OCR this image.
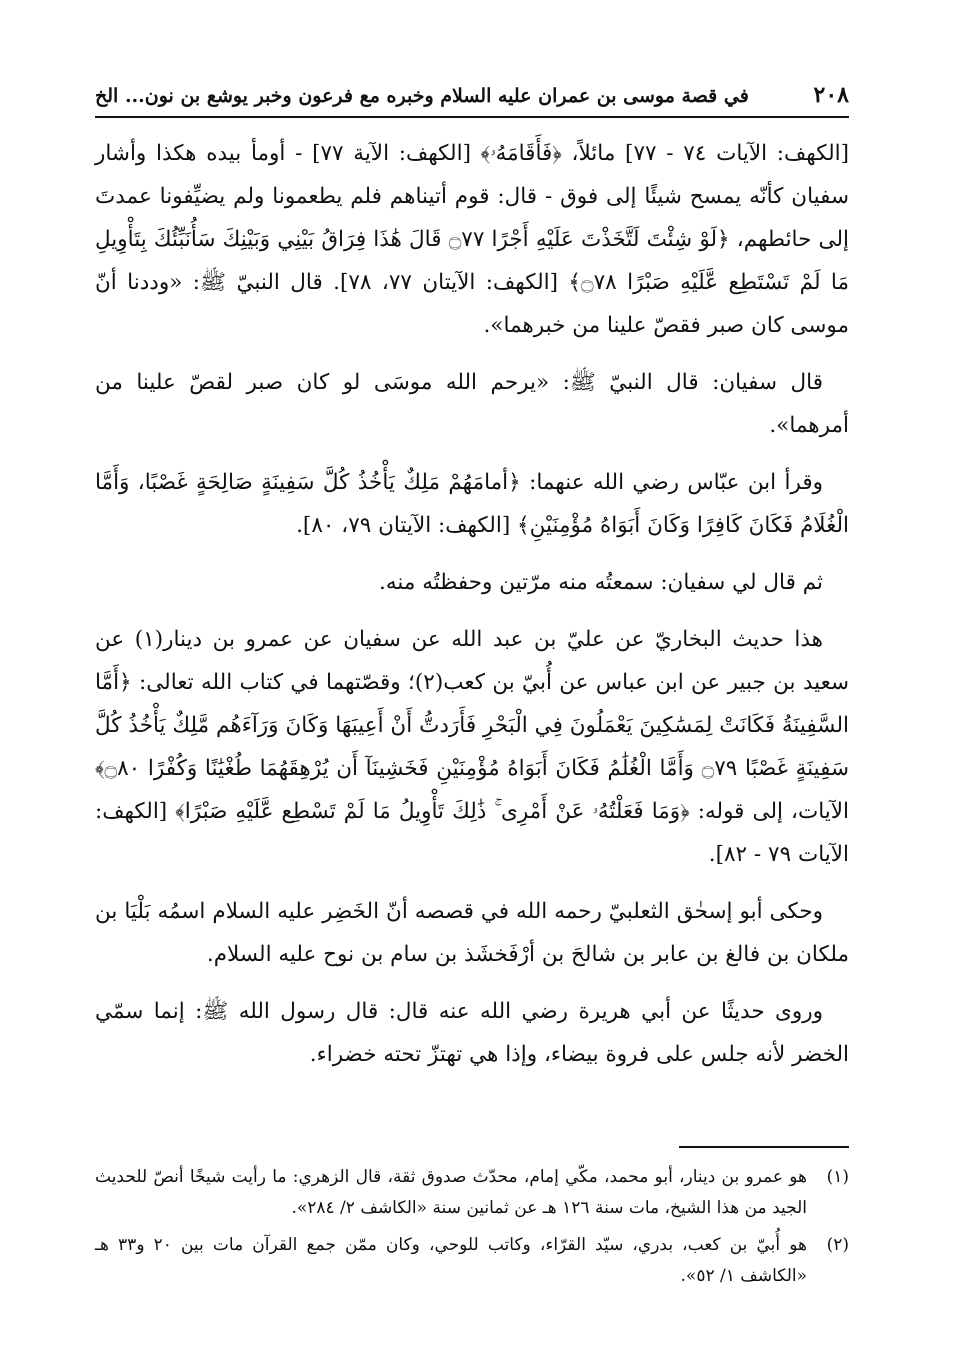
٢٠٨
في قصة موسى بن عمران عليه السلام وخبره مع فرعون وخبر يوشع بن نون... الخ

[الكهف: الآيات ٧٤ - ٧٧] مائلاً، ﴿فَأَقَامَهُۥ﴾ [الكهف: الآية ٧٧] - أومأ بيده هكذا وأشار سفيان كأنّه يمسح شيئًا إلى فوق - قال: قوم أتيناهم فلم يطعمونا ولم يضيِّفونا عمدتَ إلى حائطهم، ﴿لَوْ شِئْتَ لَتَّخَذْتَ عَلَيْهِ أَجْرًا ۝٧٧ قَالَ هَٰذَا فِرَاقُ بَيْنِي وَبَيْنِكَ سَأُنَبِّئُكَ بِتَأْوِيلِ مَا لَمْ تَسْتَطِع عَّلَيْهِ صَبْرًا ۝٧٨﴾ [الكهف: الآيتان ٧٧، ٧٨]. قال النبيّ ﷺ: «وددنا أنّ موسى كان صبر فقصّ علينا من خبرهما».

قال سفيان: قال النبيّ ﷺ: «يرحم الله موسَى لو كان صبر لقصّ علينا من أمرهما».

وقرأ ابن عبّاس رضي الله عنهما: ﴿أمامَهُمْ مَلِكٌ يَأْخُذُ كُلَّ سَفِينَةٍ صَالِحَةٍ غَصْبًا، وَأَمَّا الْغُلَامُ فَكَانَ كَافِرًا وَكَانَ أَبَوَاهُ مُؤْمِنَيْنِ﴾ [الكهف: الآيتان ٧٩، ٨٠].

ثم قال لي سفيان: سمعتُه منه مرّتين وحفظتُه منه.

هذا حديث البخاريّ عن عليّ بن عبد الله عن سفيان عن عمرو بن دينار(١) عن سعيد بن جبير عن ابن عباس عن أُبيّ بن كعب(٢)؛ وقصّتهما في كتاب الله تعالى: ﴿أَمَّا السَّفِينَةُ فَكَانَتْ لِمَسَٰكِينَ يَعْمَلُونَ فِي الْبَحْرِ فَأَرَدتُّ أَنْ أَعِيبَهَا وَكَانَ وَرَآءَهُم مَّلِكٌ يَأْخُذُ كُلَّ سَفِينَةٍ غَصْبًا ۝٧٩ وَأَمَّا الْغُلَٰمُ فَكَانَ أَبَوَاهُ مُؤْمِنَيْنِ فَخَشِينَآ أَن يُرْهِقَهُمَا طُغْيَٰنًا وَكُفْرًا ۝٨٠﴾ الآيات، إلى قوله: ﴿وَمَا فَعَلْتُهُۥ عَنْ أَمْرِى ۚ ذَٰلِكَ تَأْوِيلُ مَا لَمْ تَسْطِع عَّلَيْهِ صَبْرًا﴾ [الكهف: الآيات ٧٩ - ٨٢].

وحكى أبو إسحٰق الثعلبيّ رحمه الله في قصصه أنّ الخَضِر عليه السلام اسمُه بَلْيَا بن ملكان بن فالغ بن عابر بن شالحَ بن أرْفَخشَذ بن سام بن نوح عليه السلام.

وروى حديثًا عن أبي هريرة رضي الله عنه قال: قال رسول الله ﷺ: إنما سمّي الخضر لأنه جلس على فروة بيضاء، وإذا هي تهتزّ تحته خضراء.

(١)
هو عمرو بن دينار، أبو محمد، مكّي إمام، محدّث صدوق ثقة، قال الزهري: ما رأيت شيخًا أنصّ للحديث الجيد من هذا الشيخ، مات سنة ١٢٦ هـ عن ثمانين سنة «الكاشف ٢/ ٢٨٤».
(٢)
هو أُبيّ بن كعب، بدري، سيّد القرّاء، وكاتب للوحي، وكان ممّن جمع القرآن مات بين ٢٠ و٣٣ هـ «الكاشف ١/ ٥٢».
